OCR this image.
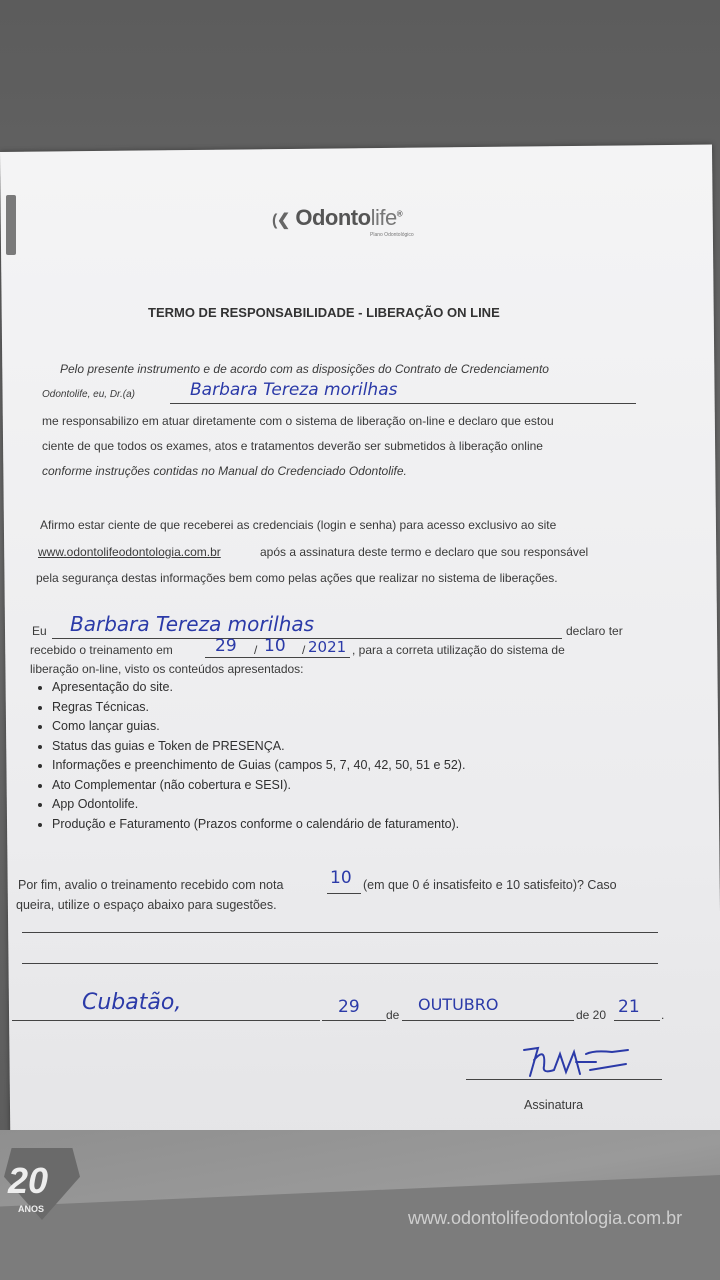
(❮ Odontolife®
Plano Odontológico
TERMO DE RESPONSABILIDADE - LIBERAÇÃO ON LINE
Pelo presente instrumento e de acordo com as disposições do Contrato de Credenciamento
Odontolife, eu, Dr.(a)	Barbara Tereza morilhas
me responsabilizo em atuar diretamente com o sistema de liberação on-line e declaro que estou
ciente de que todos os exames, atos e tratamentos deverão ser submetidos à liberação online
conforme instruções contidas no Manual do Credenciado Odontolife.
Afirmo estar ciente de que receberei as credenciais (login e senha) para acesso exclusivo ao site
www.odontolifeodontologia.com.br	após a assinatura deste termo e declaro que sou responsável
pela segurança destas informações bem como pelas ações que realizar no sistema de liberações.
Eu Barbara Tereza morilhas	declaro ter
recebido o treinamento em 29 / 10 / 2021 , para a correta utilização do sistema de
liberação on-line, visto os conteúdos apresentados:
• Apresentação do site.
• Regras Técnicas.
• Como lançar guias.
• Status das guias e Token de PRESENÇA.
• Informações e preenchimento de Guias (campos 5, 7, 40, 42, 50, 51 e 52).
• Ato Complementar (não cobertura e SESI).
• App Odontolife.
• Produção e Faturamento (Prazos conforme o calendário de faturamento).
Por fim, avalio o treinamento recebido com nota	10 (em que 0 é insatisfeito e 10 satisfeito)? Caso
queira, utilize o espaço abaixo para sugestões.
Cubatão,	29 de
OUTUBRO
de 20 21 .
Assinatura
20
ANOS	www.odontolifeodontologia.com.br
